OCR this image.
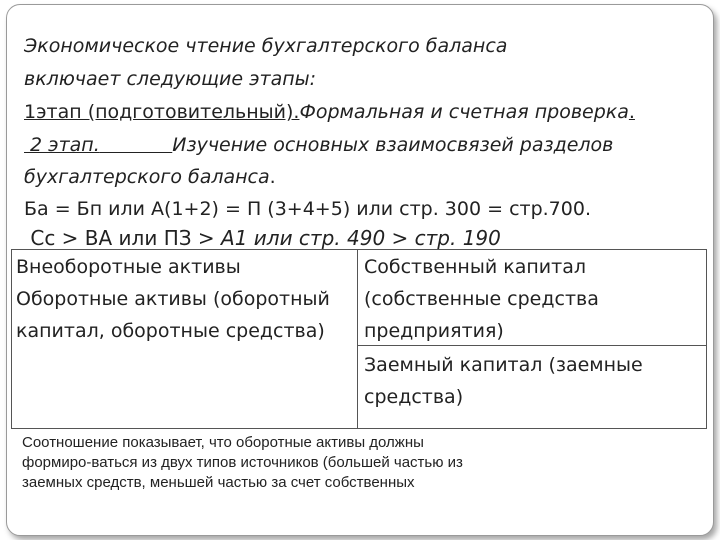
Экономическое чтение бухгалтерского баланса
включает следующие этапы:
1этап (подготовительный).Формальная и счетная проверка.
2 этап.	Изучение основных взаимосвязей разделов
бухгалтерского баланса.
Ба = Бп или А(1+2) = П (3+4+5) или стр. 300 = стр.700.
Сс > ВА или ПЗ > А1 или стр. 490 > стр. 190
Внеоборотные активы
Оборотные активы (оборотный
капитал, оборотные средства)
Собственный капитал
(собственные средства
предприятия)
Заемный капитал (заемные
средства)
Соотношение показывает, что оборотные активы должны
формиро-ваться из двух типов источников (большей частью из
заемных средств, меньшей частью за счет собственных
